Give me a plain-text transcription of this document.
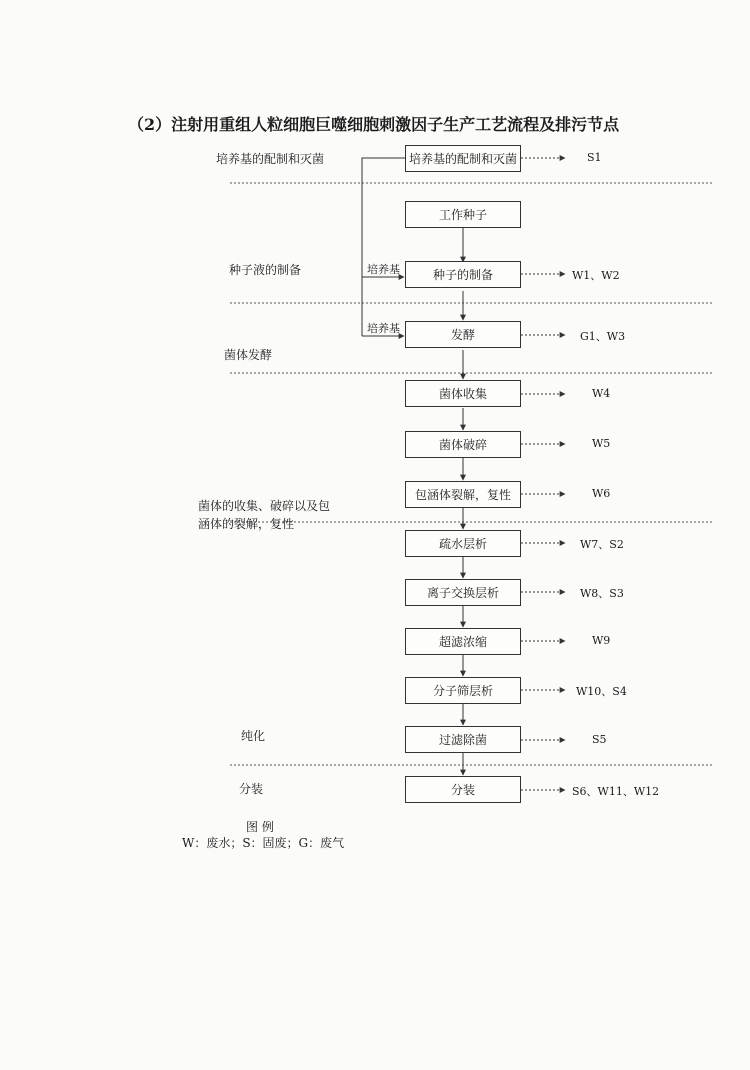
（2）注射用重组人粒细胞巨噬细胞刺激因子生产工艺流程及排污节点
培养基的配制和灭菌
种子液的制备
菌体发酵
菌体的收集、破碎以及包
涵体的裂解，复性
纯化
分装
培养基
培养基
培养基的配制和灭菌
工作种子
种子的制备
发酵
菌体收集
菌体破碎
包涵体裂解，复性
疏水层析
离子交换层析
超滤浓缩
分子筛层析
过滤除菌
分装
S1
W1、W2
G1、W3
W4
W5
W6
W7、S2
W8、S3
W9
W10、S4
S5
S6、W11、W12
图 例
W：废水；S：固废；G：废气
